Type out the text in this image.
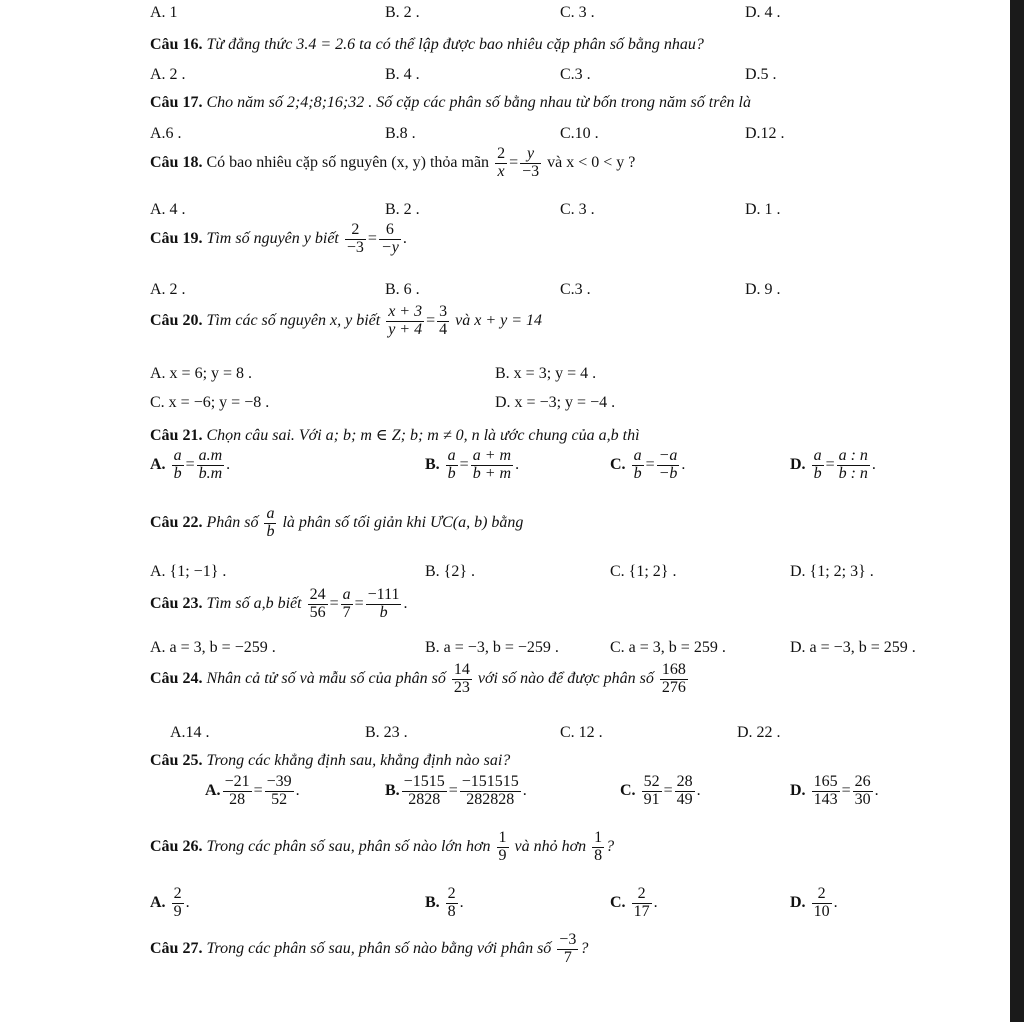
A. 1	B. 2 .	C. 3 .	D. 4 .
Câu 16. Từ đẳng thức 3.4 = 2.6 ta có thể lập được bao nhiêu cặp phân số bằng nhau?
A. 2 .	B. 4 .	C.3 .	D.5 .
Câu 17. Cho năm số 2;4;8;16;32 . Số cặp các phân số bằng nhau từ bốn trong năm số trên là
A.6 .	B.8 .	C.10 .	D.12 .
Câu 18. Có bao nhiêu cặp số nguyên (x, y) thỏa mãn $\frac{2}{x} = \frac{y}{-3}$ và x < 0 < y ?
A. 4 .	B. 2 .	C. 3 .	D. 1 .
Câu 19. Tìm số nguyên y biết $\frac{2}{-3} = \frac{6}{-y}$ .
A. 2 .	B. 6 .	C.3 .	D. 9 .
Câu 20. Tìm các số nguyên x, y biết $\frac{x + 3}{y + 4} = \frac{3}{4}$ và x + y = 14
A. x = 6; y = 8 .	B. x = 3; y = 4 .
C. x = −6; y = −8 .	D. x = −3; y = −4 .
Câu 21. Chọn câu sai. Với a; b; m ∈ Z; b; m ≠ 0, n là ước chung của a,b thì
A. $\frac{a}{b} = \frac{a.m}{b.m}$ .	B. $\frac{a}{b} = \frac{a + m}{b + m}$ .	C. $\frac{a}{b} = \frac{-a}{-b}$ .	D. $\frac{a}{b} = \frac{a : n}{b : n}$ .
Câu 22. Phân số $\frac{a}{b}$ là phân số tối giản khi ƯC(a, b) bằng
A. {1; −1} .	B. {2} .	C. {1; 2} .	D. {1; 2; 3} .
Câu 23. Tìm số a,b biết $\frac{24}{56} = \frac{a}{7} = \frac{-111}{b}$ .
A. a = 3, b = −259 .	B. a = −3, b = −259 .	C. a = 3, b = 259 .	D. a = −3, b = 259 .
Câu 24. Nhân cả tử số và mẫu số của phân số $\frac{14}{23}$ với số nào để được phân số $\frac{168}{276}$
A.14 .	B. 23 .	C. 12 .	D. 22 .
Câu 25. Trong các khẳng định sau, khẳng định nào sai?
A. $\frac{-21}{28} = \frac{-39}{52}$ .	B. $\frac{-1515}{2828} = \frac{-151515}{282828}$ .	C. $\frac{52}{91} = \frac{28}{49}$ .	D. $\frac{165}{143} = \frac{26}{30}$ .
Câu 26. Trong các phân số sau, phân số nào lớn hơn $\frac{1}{9}$ và nhỏ hơn $\frac{1}{8}$ ?
A. $\frac{2}{9}$ .	B. $\frac{2}{8}$ .	C. $\frac{2}{17}$ .	D. $\frac{2}{10}$ .
Câu 27. Trong các phân số sau, phân số nào bằng với phân số $\frac{-3}{7}$ ?
